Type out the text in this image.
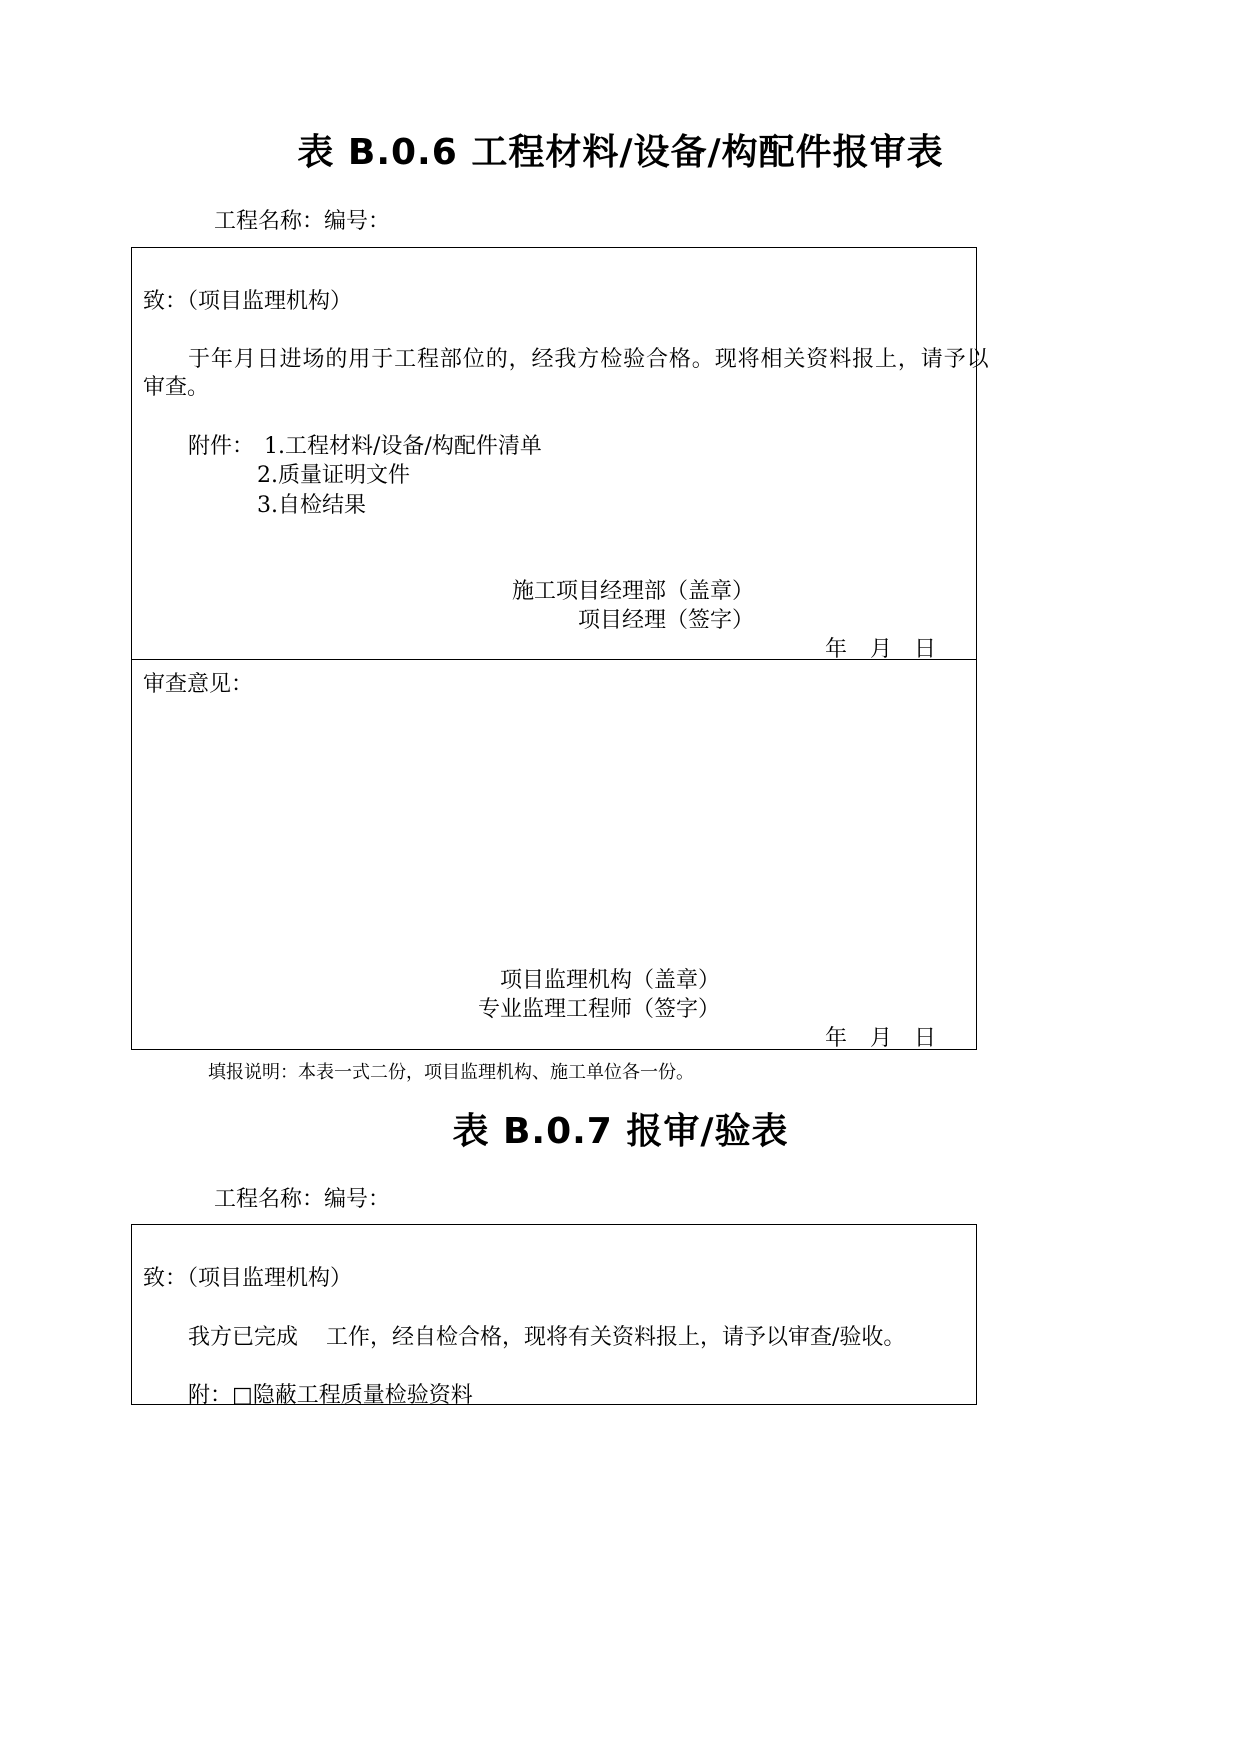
表 B.0.6 工程材料/设备/构配件报审表
工程名称：编号：
致：（项目监理机构）
于年月日进场的用于工程部位的，经我方检验合格。现将相关资料报上，请予以
审查。
附件： 1.工程材料/设备/构配件清单
2.质量证明文件
3.自检结果
施工项目经理部（盖章）
项目经理（签字）
年 月 日
审查意见：
项目监理机构（盖章）
专业监理工程师（签字）
年 月 日
填报说明：本表一式二份，项目监理机构、施工单位各一份。
表 B.0.7 报审/验表
工程名称：编号：
致：（项目监理机构）
我方已完成    工作，经自检合格，现将有关资料报上，请予以审查/验收。
附：□隐蔽工程质量检验资料
